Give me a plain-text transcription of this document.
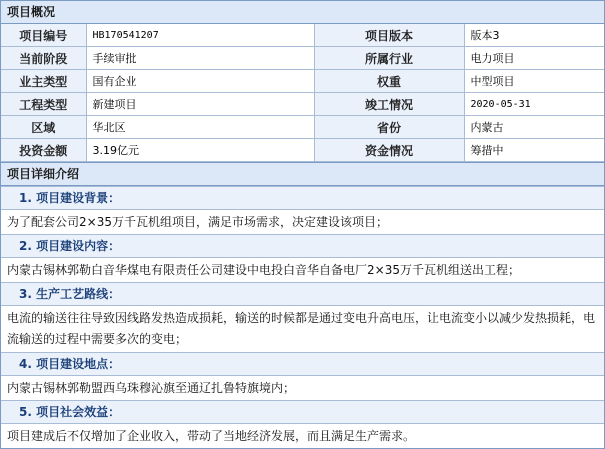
项目概况
项目编号	HB170541207	项目版本	版本3
当前阶段	手续审批	所属行业	电力项目
业主类型	国有企业	权重	中型项目
工程类型	新建项目	竣工情况	2020-05-31
区域	华北区	省份	内蒙古
投资金额	3.19亿元	资金情况	筹措中
项目详细介绍
1. 项目建设背景：
为了配套公司2×35万千瓦机组项目，满足市场需求，决定建设该项目；
2. 项目建设内容：
内蒙古锡林郭勒白音华煤电有限责任公司建设中电投白音华自备电厂2×35万千瓦机组送出工程；
3. 生产工艺路线：
电流的输送往往导致因线路发热造成损耗，输送的时候都是通过变电升高电压，让电流变小以减少发热损耗，电流输送的过程中需要多次的变电；
4. 项目建设地点：
内蒙古锡林郭勒盟西乌珠穆沁旗至通辽扎鲁特旗境内；
5. 项目社会效益：
项目建成后不仅增加了企业收入，带动了当地经济发展，而且满足生产需求。
